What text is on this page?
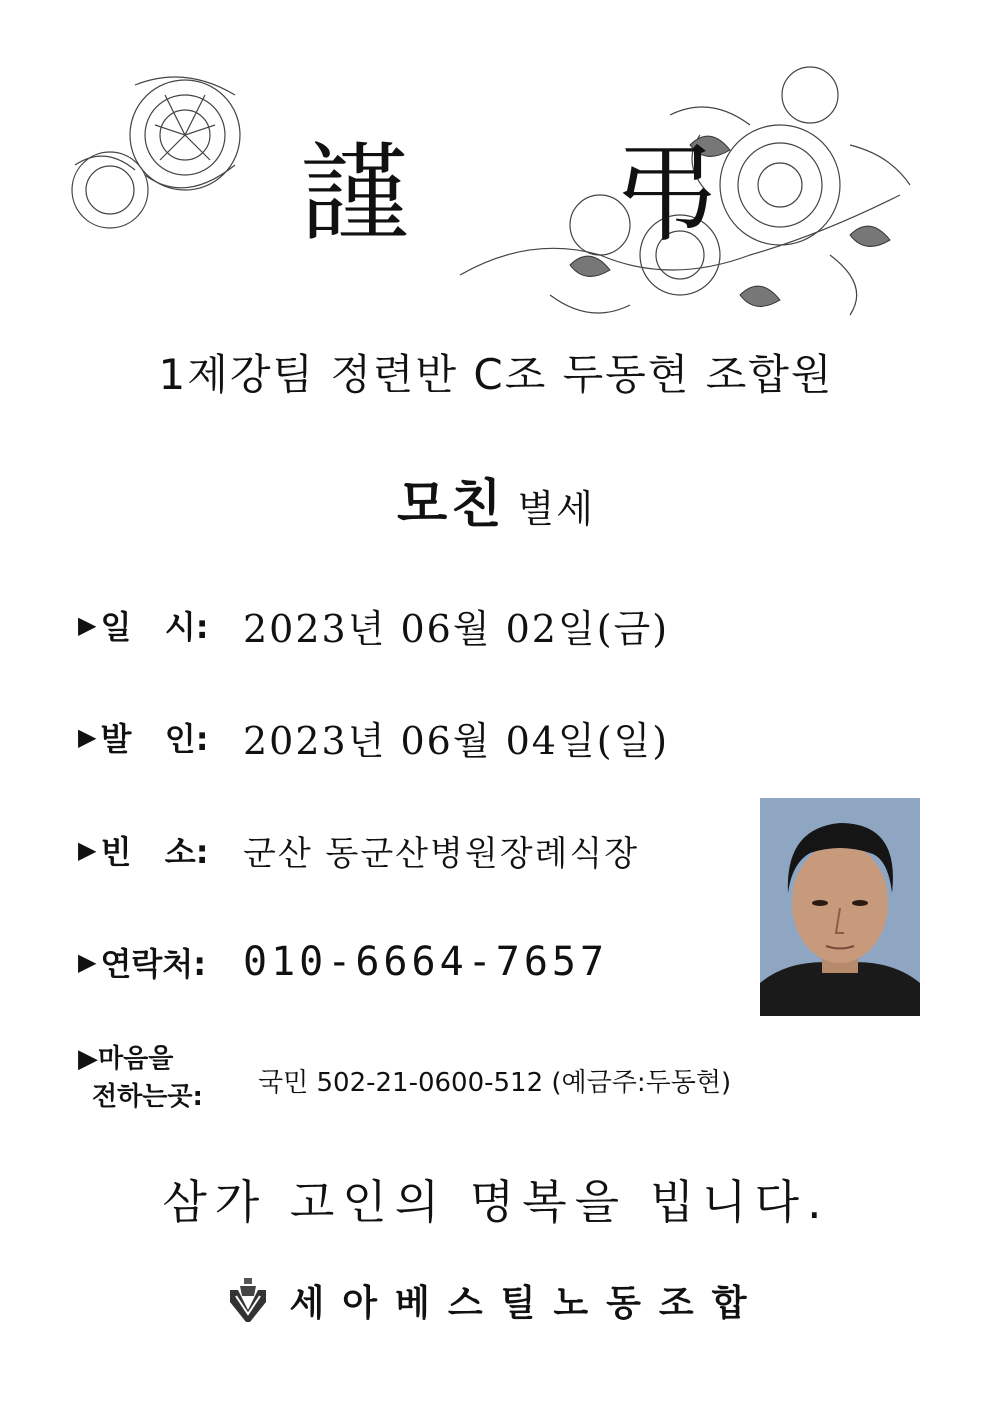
謹 弔
1제강팀 정련반 C조 두동현 조합원
모친 별세
▶ 일   시: 2023년 06월 02일(금)
▶ 발   인: 2023년 06월 04일(일)
▶ 빈   소: 군산 동군산병원장례식장
▶ 연락처: 010-6664-7657
▶마음을
전하는곳:	국민 502-21-0600-512 (예금주:두동현)
삼가 고인의 명복을 빕니다.
세아베스틸노동조합
